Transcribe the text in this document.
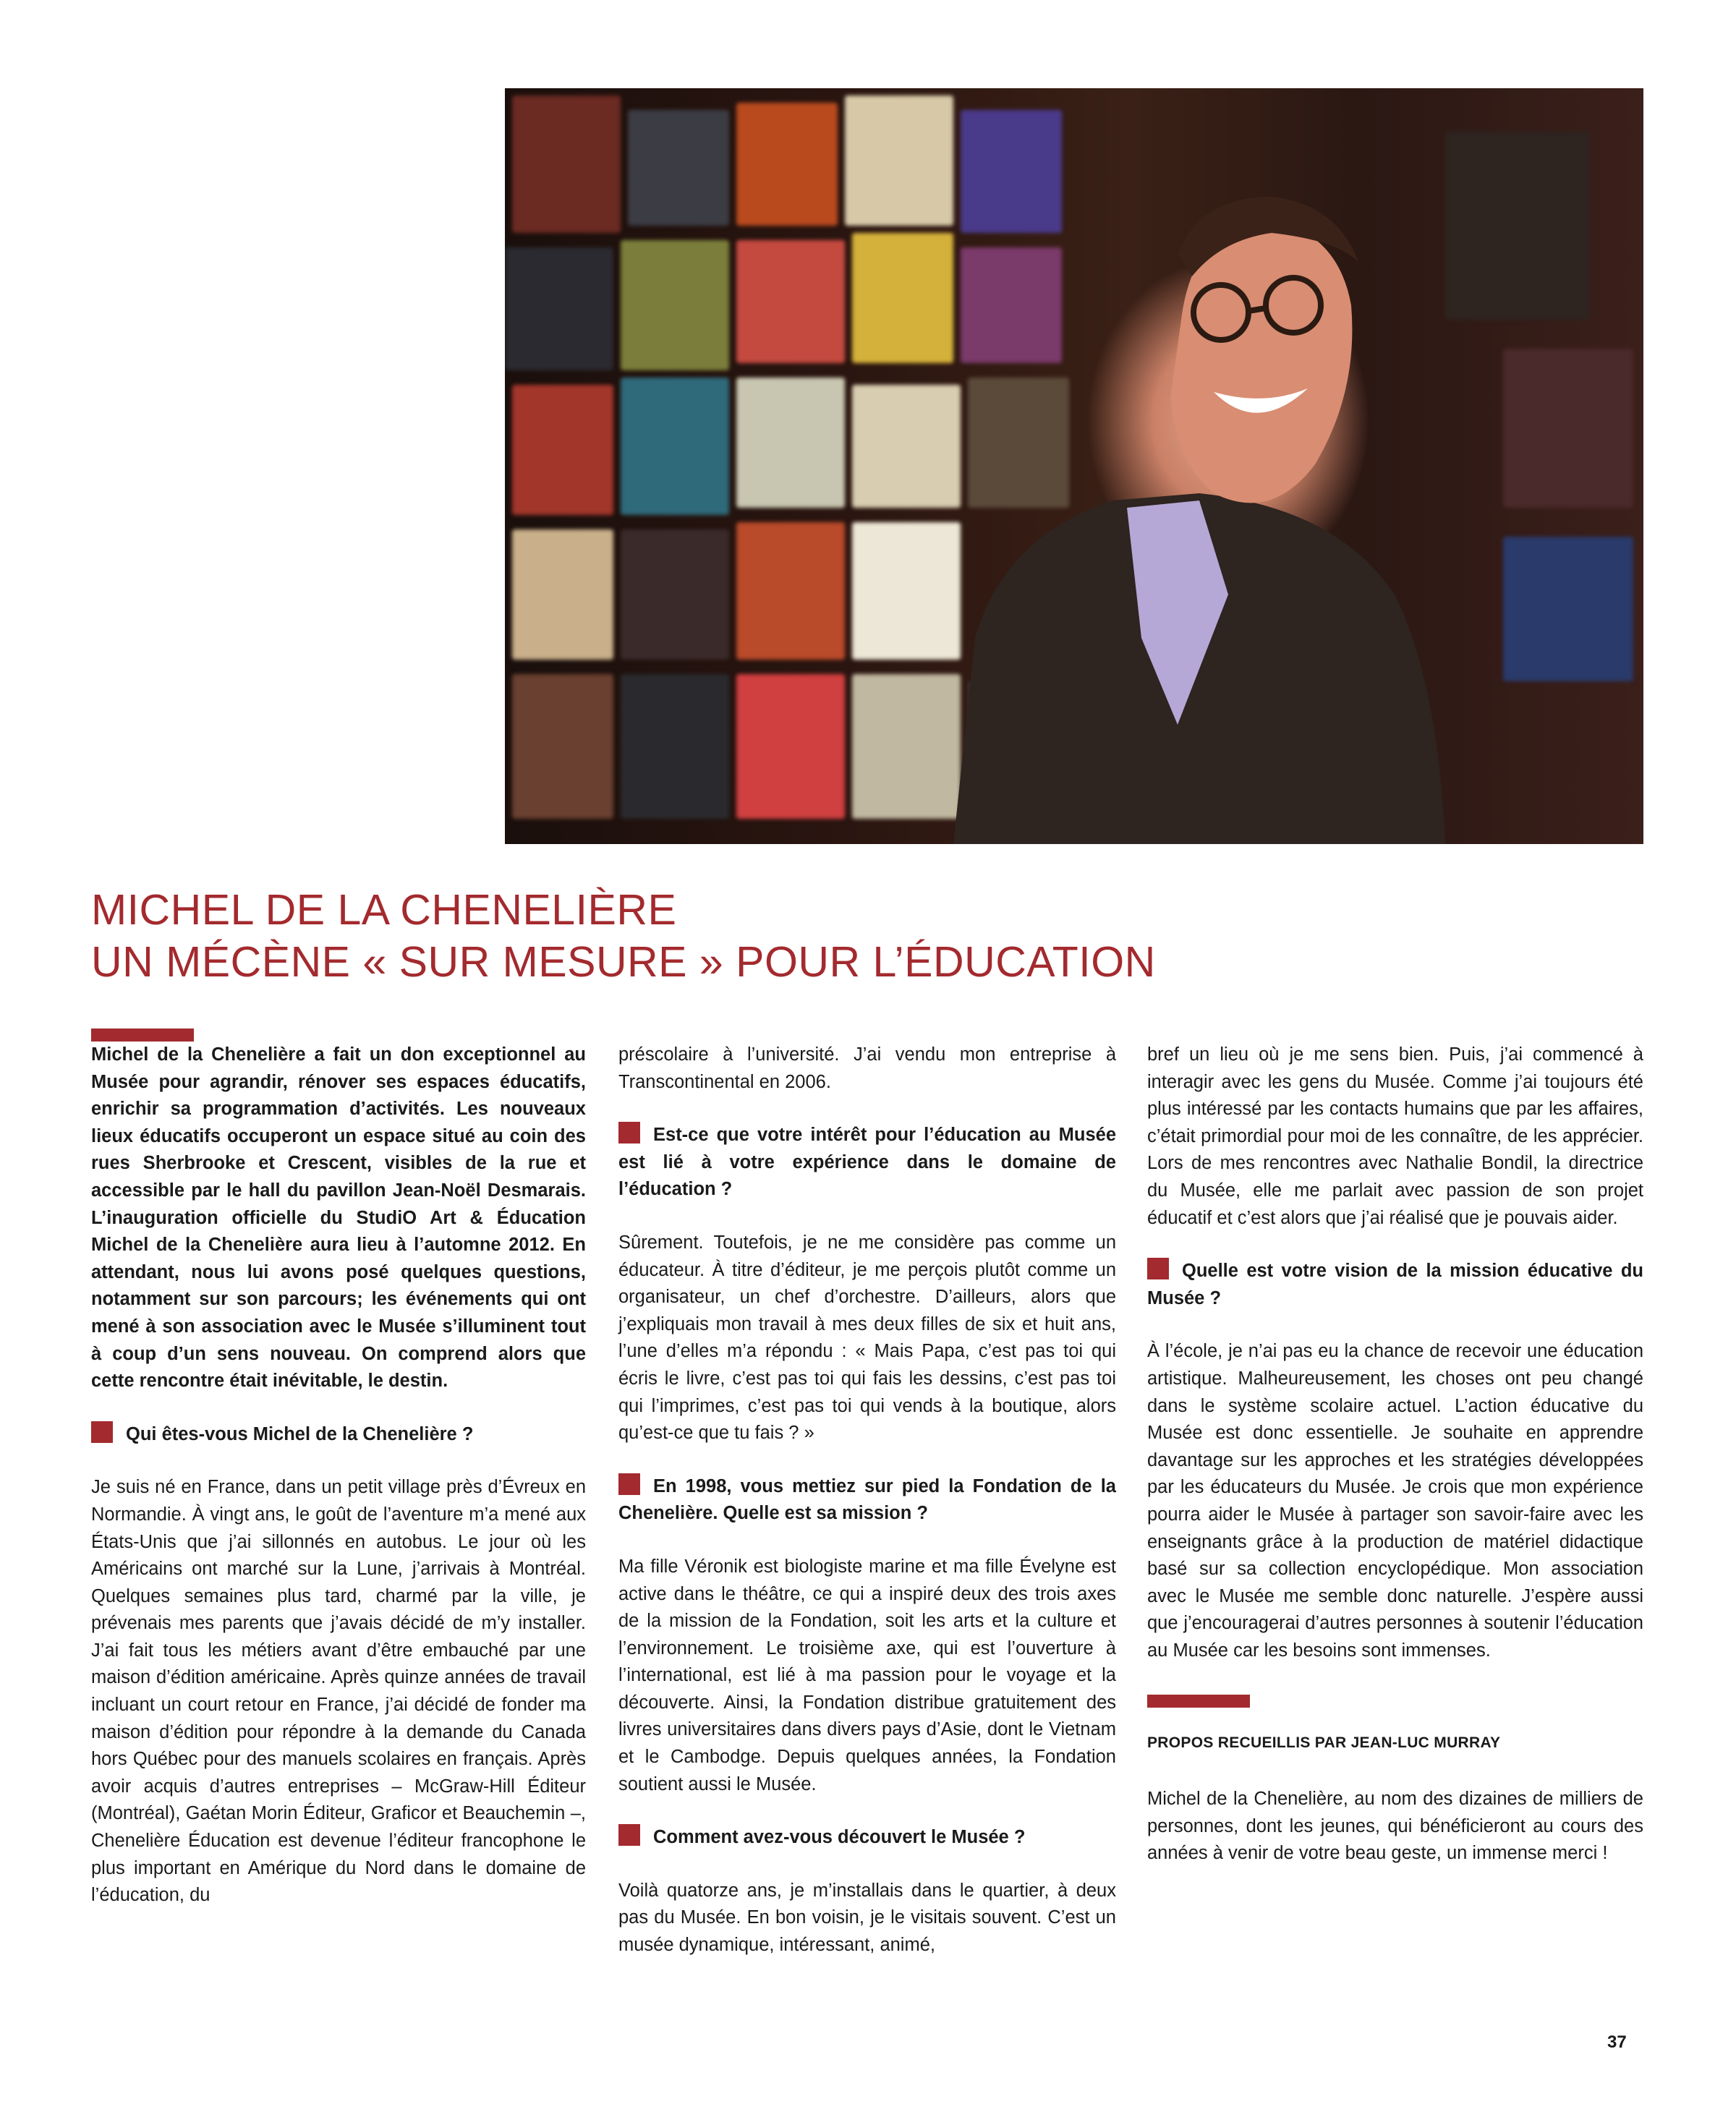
MICHEL DE LA CHENELIÈRE
UN MÉCÈNE « SUR MESURE » POUR L’ÉDUCATION

Michel de la Chenelière a fait un don exceptionnel au Musée pour agrandir, rénover ses espaces éducatifs, enrichir sa programmation d’activités. Les nouveaux lieux éducatifs occuperont un espace situé au coin des rues Sherbrooke et Crescent, visibles de la rue et accessible par le hall du pavillon Jean-Noël Desmarais. L’inauguration officielle du StudiO Art & Éducation Michel de la Chenelière aura lieu à l’automne 2012. En attendant, nous lui avons posé quelques questions, notamment sur son parcours; les événements qui ont mené à son association avec le Musée s’illuminent tout à coup d’un sens nouveau. On comprend alors que cette rencontre était inévitable, le destin.

Qui êtes-vous Michel de la Chenelière ?

Je suis né en France, dans un petit village près d’Évreux en Normandie. À vingt ans, le goût de l’aventure m’a mené aux États-Unis que j’ai sillonnés en autobus. Le jour où les Américains ont marché sur la Lune, j’arrivais à Montréal. Quelques semaines plus tard, charmé par la ville, je prévenais mes parents que j’avais décidé de m’y installer. J’ai fait tous les métiers avant d’être embauché par une maison d’édition américaine. Après quinze années de travail incluant un court retour en France, j’ai décidé de fonder ma maison d’édition pour répondre à la demande du Canada hors Québec pour des manuels scolaires en français. Après avoir acquis d’autres entreprises – McGraw-Hill Éditeur (Montréal), Gaétan Morin Éditeur, Graficor et Beauchemin –, Chenelière Éducation est devenue l’éditeur francophone le plus important en Amérique du Nord dans le domaine de l’éducation, du

préscolaire à l’université. J’ai vendu mon entreprise à Transcontinental en 2006.

Est-ce que votre intérêt pour l’éducation au Musée est lié à votre expérience dans le domaine de l’éducation ?

Sûrement. Toutefois, je ne me considère pas comme un éducateur. À titre d’éditeur, je me perçois plutôt comme un organisateur, un chef d’orchestre. D’ailleurs, alors que j’expliquais mon travail à mes deux filles de six et huit ans, l’une d’elles m’a répondu : « Mais Papa, c’est pas toi qui écris le livre, c’est pas toi qui fais les dessins, c’est pas toi qui l’imprimes, c’est pas toi qui vends à la boutique, alors qu’est-ce que tu fais ? »

En 1998, vous mettiez sur pied la Fondation de la Chenelière. Quelle est sa mission ?

Ma fille Véronik est biologiste marine et ma fille Évelyne est active dans le théâtre, ce qui a inspiré deux des trois axes de la mission de la Fondation, soit les arts et la culture et l’environnement. Le troisième axe, qui est l’ouverture à l’international, est lié à ma passion pour le voyage et la découverte. Ainsi, la Fondation distribue gratuitement des livres universitaires dans divers pays d’Asie, dont le Vietnam et le Cambodge. Depuis quelques années, la Fondation soutient aussi le Musée.

Comment avez-vous découvert le Musée ?

Voilà quatorze ans, je m’installais dans le quartier, à deux pas du Musée. En bon voisin, je le visitais souvent. C’est un musée dynamique, intéressant, animé,

bref un lieu où je me sens bien. Puis, j’ai commencé à interagir avec les gens du Musée. Comme j’ai toujours été plus intéressé par les contacts humains que par les affaires, c’était primordial pour moi de les connaître, de les apprécier. Lors de mes rencontres avec Nathalie Bondil, la directrice du Musée, elle me parlait avec passion de son projet éducatif et c’est alors que j’ai réalisé que je pouvais aider.

Quelle est votre vision de la mission éducative du Musée ?

À l’école, je n’ai pas eu la chance de recevoir une éducation artistique. Malheureusement, les choses ont peu changé dans le système scolaire actuel. L’action éducative du Musée est donc essentielle. Je souhaite en apprendre davantage sur les approches et les stratégies développées par les éducateurs du Musée. Je crois que mon expérience pourra aider le Musée à partager son savoir-faire avec les enseignants grâce à la production de matériel didactique basé sur sa collection encyclopédique. Mon association avec le Musée me semble donc naturelle. J’espère aussi que j’encouragerai d’autres personnes à soutenir l’éducation au Musée car les besoins sont immenses.

PROPOS RECUEILLIS PAR JEAN-LUC MURRAY

Michel de la Chenelière, au nom des dizaines de milliers de personnes, dont les jeunes, qui bénéficieront au cours des années à venir de votre beau geste, un immense merci !

37
